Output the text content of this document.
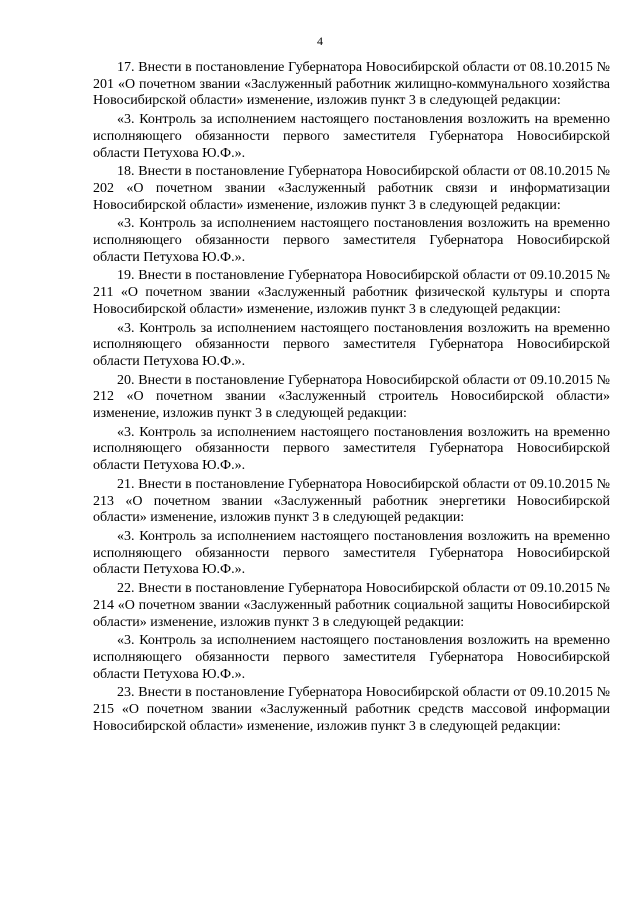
4

17. Внести в постановление Губернатора Новосибирской области от 08.10.2015 № 201 «О почетном звании «Заслуженный работник жилищно-коммунального хозяйства Новосибирской области» изменение, изложив пункт 3 в следующей редакции:

«3. Контроль за исполнением настоящего постановления возложить на временно исполняющего обязанности первого заместителя Губернатора Новосибирской области Петухова Ю.Ф.».

18. Внести в постановление Губернатора Новосибирской области от 08.10.2015 № 202 «О почетном звании «Заслуженный работник связи и информатизации Новосибирской области» изменение, изложив пункт 3 в следующей редакции:

«3. Контроль за исполнением настоящего постановления возложить на временно исполняющего обязанности первого заместителя Губернатора Новосибирской области Петухова Ю.Ф.».

19. Внести в постановление Губернатора Новосибирской области от 09.10.2015 № 211 «О почетном звании «Заслуженный работник физической культуры и спорта Новосибирской области» изменение, изложив пункт 3 в следующей редакции:

«3. Контроль за исполнением настоящего постановления возложить на временно исполняющего обязанности первого заместителя Губернатора Новосибирской области Петухова Ю.Ф.».

20. Внести в постановление Губернатора Новосибирской области от 09.10.2015 № 212 «О почетном звании «Заслуженный строитель Новосибирской области» изменение, изложив пункт 3 в следующей редакции:

«3. Контроль за исполнением настоящего постановления возложить на временно исполняющего обязанности первого заместителя Губернатора Новосибирской области Петухова Ю.Ф.».

21. Внести в постановление Губернатора Новосибирской области от 09.10.2015 № 213 «О почетном звании «Заслуженный работник энергетики Новосибирской области» изменение, изложив пункт 3 в следующей редакции:

«3. Контроль за исполнением настоящего постановления возложить на временно исполняющего обязанности первого заместителя Губернатора Новосибирской области Петухова Ю.Ф.».

22. Внести в постановление Губернатора Новосибирской области от 09.10.2015 № 214 «О почетном звании «Заслуженный работник социальной защиты Новосибирской области» изменение, изложив пункт 3 в следующей редакции:

«3. Контроль за исполнением настоящего постановления возложить на временно исполняющего обязанности первого заместителя Губернатора Новосибирской области Петухова Ю.Ф.».

23. Внести в постановление Губернатора Новосибирской области от 09.10.2015 № 215 «О почетном звании «Заслуженный работник средств массовой информации Новосибирской области» изменение, изложив пункт 3 в следующей редакции:
